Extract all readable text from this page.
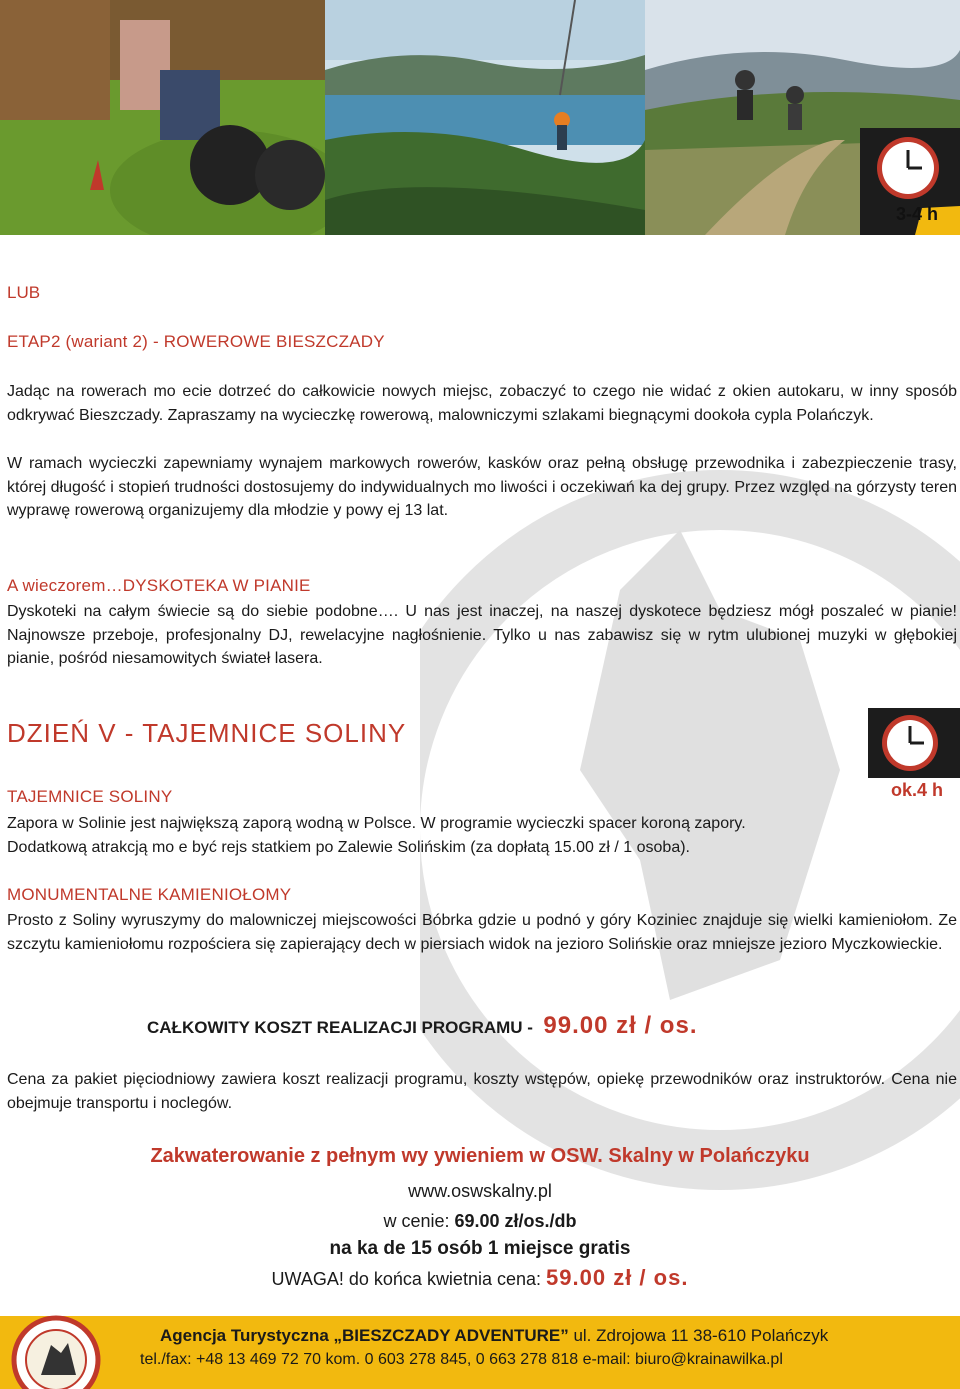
3-4 h
ok.4 h
LUB
ETAP2 (wariant 2) - ROWEROWE BIESZCZADY
Jadąc na rowerach mo ecie dotrzeć do całkowicie nowych miejsc, zobaczyć to czego nie widać z okien autokaru, w inny sposób odkrywać Bieszczady. Zapraszamy na wycieczkę rowerową, malowniczymi szlakami biegnącymi dookoła cypla Polańczyk.
W ramach wycieczki zapewniamy wynajem markowych rowerów, kasków oraz pełną obsługę przewodnika i zabezpieczenie trasy, której długość i stopień trudności dostosujemy do indywidualnych mo liwości i oczekiwań ka dej grupy. Przez względ na górzysty teren wyprawę rowerową organizujemy dla młodzie y powy ej 13 lat.
A wieczorem…DYSKOTEKA W PIANIE
Dyskoteki na całym świecie są do siebie podobne…. U nas jest inaczej, na naszej dyskotece będziesz mógł poszaleć w pianie! Najnowsze przeboje, profesjonalny DJ, rewelacyjne nagłośnienie. Tylko u nas zabawisz się w rytm ulubionej muzyki w głębokiej pianie, pośród niesamowitych świateł lasera.
DZIEŃ V - TAJEMNICE SOLINY
TAJEMNICE SOLINY
Zapora w Solinie jest największą zaporą wodną w Polsce. W programie wycieczki spacer koroną zapory.
Dodatkową atrakcją mo e być rejs statkiem po Zalewie Solińskim (za dopłatą 15.00 zł / 1 osoba).
MONUMENTALNE KAMIENIOŁOMY
Prosto z Soliny wyruszymy do malowniczej miejscowości Bóbrka gdzie u podnó y góry Koziniec znajduje się wielki kamieniołom. Ze szczytu kamieniołomu rozpościera się zapierający dech w piersiach widok na jezioro Solińskie oraz mniejsze jezioro Myczkowieckie.
CAŁKOWITY KOSZT REALIZACJI PROGRAMU - 99.00 zł / os.
Cena za pakiet pięciodniowy zawiera koszt realizacji programu, koszty wstępów, opiekę przewodników oraz instruktorów. Cena nie obejmuje transportu i noclegów.
Zakwaterowanie z pełnym wy ywieniem w OSW. Skalny w Polańczyku
www.oswskalny.pl
w cenie: 69.00 zł/os./db
na ka de 15 osób 1 miejsce gratis
UWAGA! do końca kwietnia cena: 59.00 zł / os.
Agencja Turystyczna „BIESZCZADY ADVENTURE” ul. Zdrojowa 11 38-610 Polańczyk
tel./fax: +48 13 469 72 70 kom. 0 603 278 845, 0 663 278 818 e-mail: biuro@krainawilka.pl
